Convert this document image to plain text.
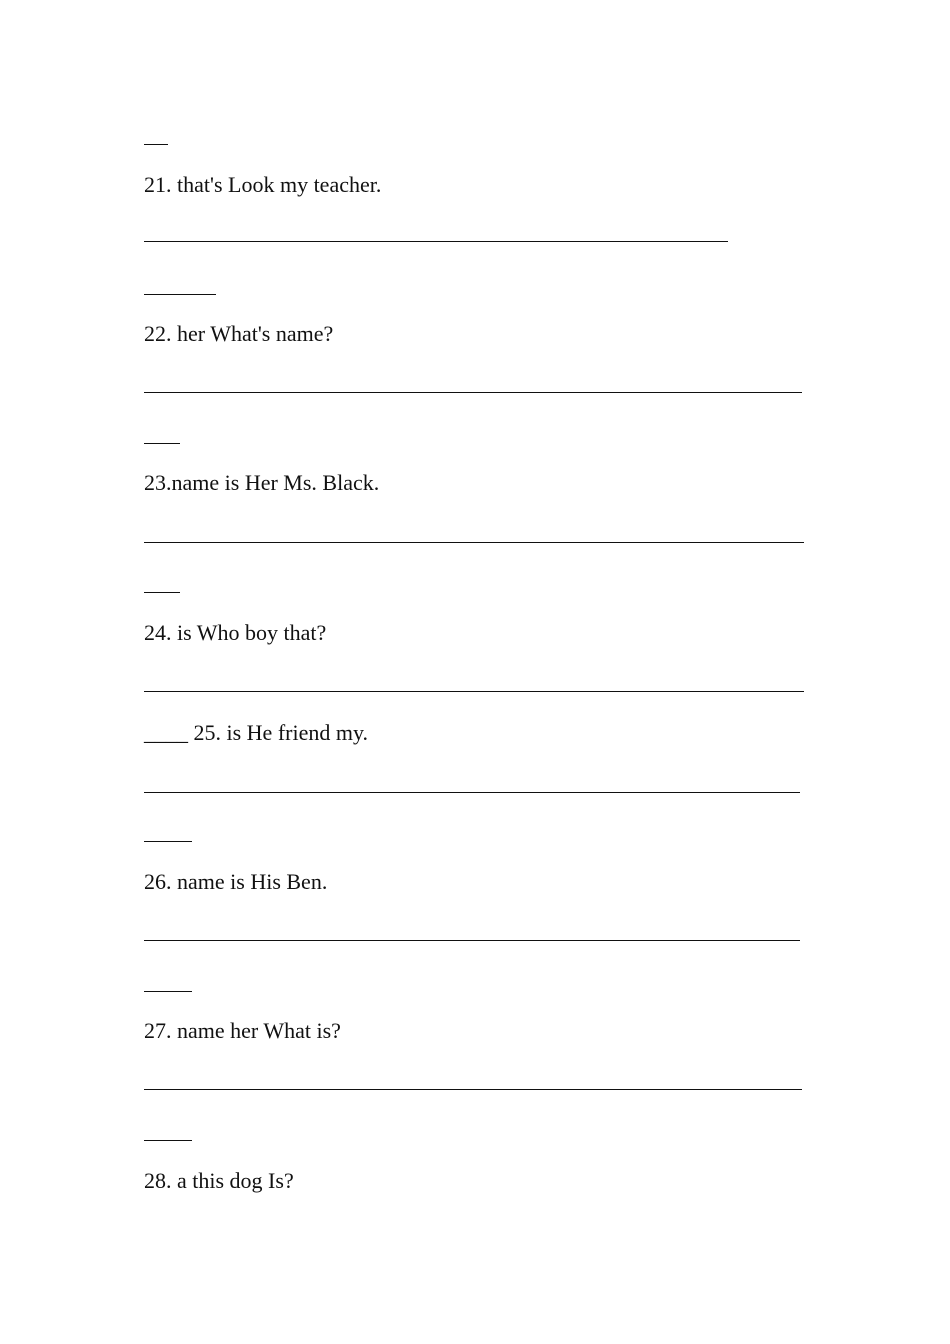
21. that's Look my teacher.
22. her What's name?
23.name is Her Ms. Black.
24. is Who boy that?
____ 25. is He friend my.
26. name is His Ben.
27. name her What is?
28. a this dog Is?
